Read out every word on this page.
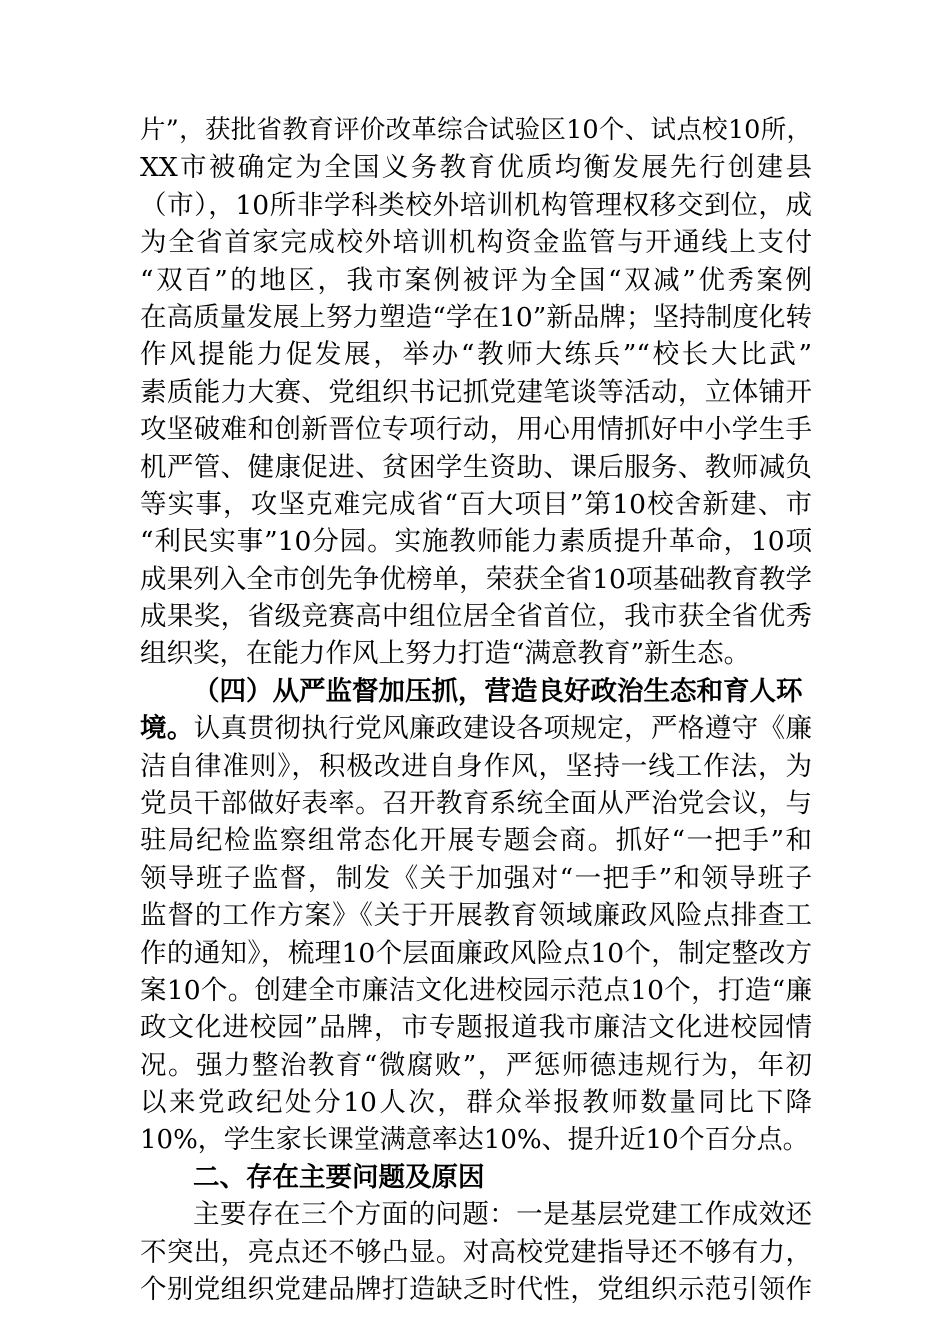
片”，获批省教育评价改革综合试验区10个、试点校10所，
XX市被确定为全国义务教育优质均衡发展先行创建县
（市），10所非学科类校外培训机构管理权移交到位，成
为全省首家完成校外培训机构资金监管与开通线上支付
“双百”的地区，我市案例被评为全国“双减”优秀案例
在高质量发展上努力塑造“学在10”新品牌；坚持制度化转
作风提能力促发展，举办“教师大练兵”“校长大比武”
素质能力大赛、党组织书记抓党建笔谈等活动，立体铺开
攻坚破难和创新晋位专项行动，用心用情抓好中小学生手
机严管、健康促进、贫困学生资助、课后服务、教师减负
等实事，攻坚克难完成省“百大项目”第10校舍新建、市
“利民实事”10分园。实施教师能力素质提升革命，10项
成果列入全市创先争优榜单，荣获全省10项基础教育教学
成果奖，省级竞赛高中组位居全省首位，我市获全省优秀
组织奖，在能力作风上努力打造“满意教育”新生态。
（四）从严监督加压抓，营造良好政治生态和育人环
境。认真贯彻执行党风廉政建设各项规定，严格遵守《廉
洁自律准则》，积极改进自身作风，坚持一线工作法，为
党员干部做好表率。召开教育系统全面从严治党会议，与
驻局纪检监察组常态化开展专题会商。抓好“一把手”和
领导班子监督，制发《关于加强对“一把手”和领导班子
监督的工作方案》《关于开展教育领域廉政风险点排查工
作的通知》，梳理10个层面廉政风险点10个，制定整改方
案10个。创建全市廉洁文化进校园示范点10个，打造“廉
政文化进校园”品牌，市专题报道我市廉洁文化进校园情
况。强力整治教育“微腐败”，严惩师德违规行为，年初
以来党政纪处分10人次，群众举报教师数量同比下降
10%，学生家长课堂满意率达10%、提升近10个百分点。
二、存在主要问题及原因
主要存在三个方面的问题：一是基层党建工作成效还
不突出，亮点还不够凸显。对高校党建指导还不够有力，
个别党组织党建品牌打造缺乏时代性，党组织示范引领作
